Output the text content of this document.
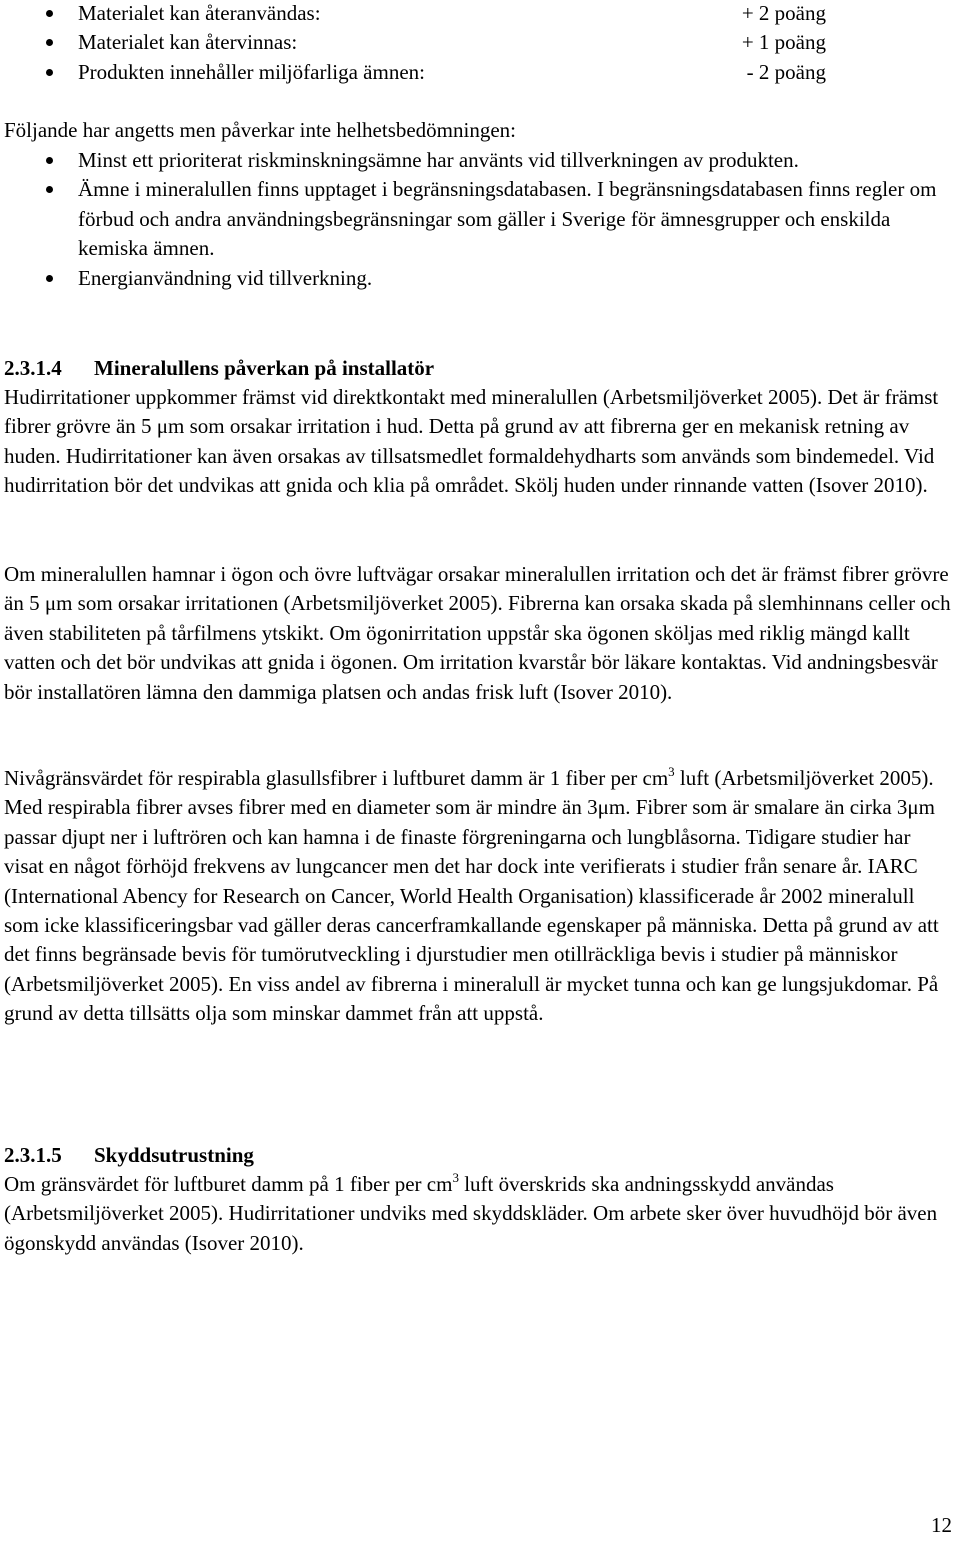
Materialet kan återanvändas:	+ 2 poäng
Materialet kan återvinnas:	+ 1 poäng
Produkten innehåller miljöfarliga ämnen:	- 2 poäng

Följande har angetts men påverkar inte helhetsbedömningen:

Minst ett prioriterat riskminskningsämne har använts vid tillverkningen av produkten.
Ämne i mineralullen finns upptaget i begränsningsdatabasen. I begränsningsdatabasen finns regler om förbud och andra användningsbegränsningar som gäller i Sverige för ämnesgrupper och enskilda kemiska ämnen.
Energianvändning vid tillverkning.
2.3.1.4 Mineralullens påverkan på installatör

Hudirritationer uppkommer främst vid direktkontakt med mineralullen (Arbetsmiljöverket 2005). Det är främst fibrer grövre än 5 μm som orsakar irritation i hud. Detta på grund av att fibrerna ger en mekanisk retning av huden. Hudirritationer kan även orsakas av tillsatsmedlet formaldehydharts som används som bindemedel. Vid hudirritation bör det undvikas att gnida och klia på området. Skölj huden under rinnande vatten (Isover 2010).

Om mineralullen hamnar i ögon och övre luftvägar orsakar mineralullen irritation och det är främst fibrer grövre än 5 μm som orsakar irritationen (Arbetsmiljöverket 2005). Fibrerna kan orsaka skada på slemhinnans celler och även stabiliteten på tårfilmens ytskikt. Om ögonirritation uppstår ska ögonen sköljas med riklig mängd kallt vatten och det bör undvikas att gnida i ögonen. Om irritation kvarstår bör läkare kontaktas. Vid andningsbesvär bör installatören lämna den dammiga platsen och andas frisk luft (Isover 2010).

Nivågränsvärdet för respirabla glasullsfibrer i luftburet damm är 1 fiber per $cm^3$ luft (Arbetsmiljöverket 2005). Med respirabla fibrer avses fibrer med en diameter som är mindre än 3μm. Fibrer som är smalare än cirka 3μm passar djupt ner i luftrören och kan hamna i de finaste förgreningarna och lungblåsorna. Tidigare studier har visat en något förhöjd frekvens av lungcancer men det har dock inte verifierats i studier från senare år. IARC (International Abency for Research on Cancer, World Health Organisation) klassificerade år 2002 mineralull som icke klassificeringsbar vad gäller deras cancerframkallande egenskaper på människa. Detta på grund av att det finns begränsade bevis för tumörutveckling i djurstudier men otillräckliga bevis i studier på människor (Arbetsmiljöverket 2005). En viss andel av fibrerna i mineralull är mycket tunna och kan ge lungsjukdomar. På grund av detta tillsätts olja som minskar dammet från att uppstå.

2.3.1.5 Skyddsutrustning

Om gränsvärdet för luftburet damm på 1 fiber per $cm^3$ luft överskrids ska andningsskydd användas (Arbetsmiljöverket 2005). Hudirritationer undviks med skyddskläder. Om arbete sker över huvudhöjd bör även ögonskydd användas (Isover 2010).

12
